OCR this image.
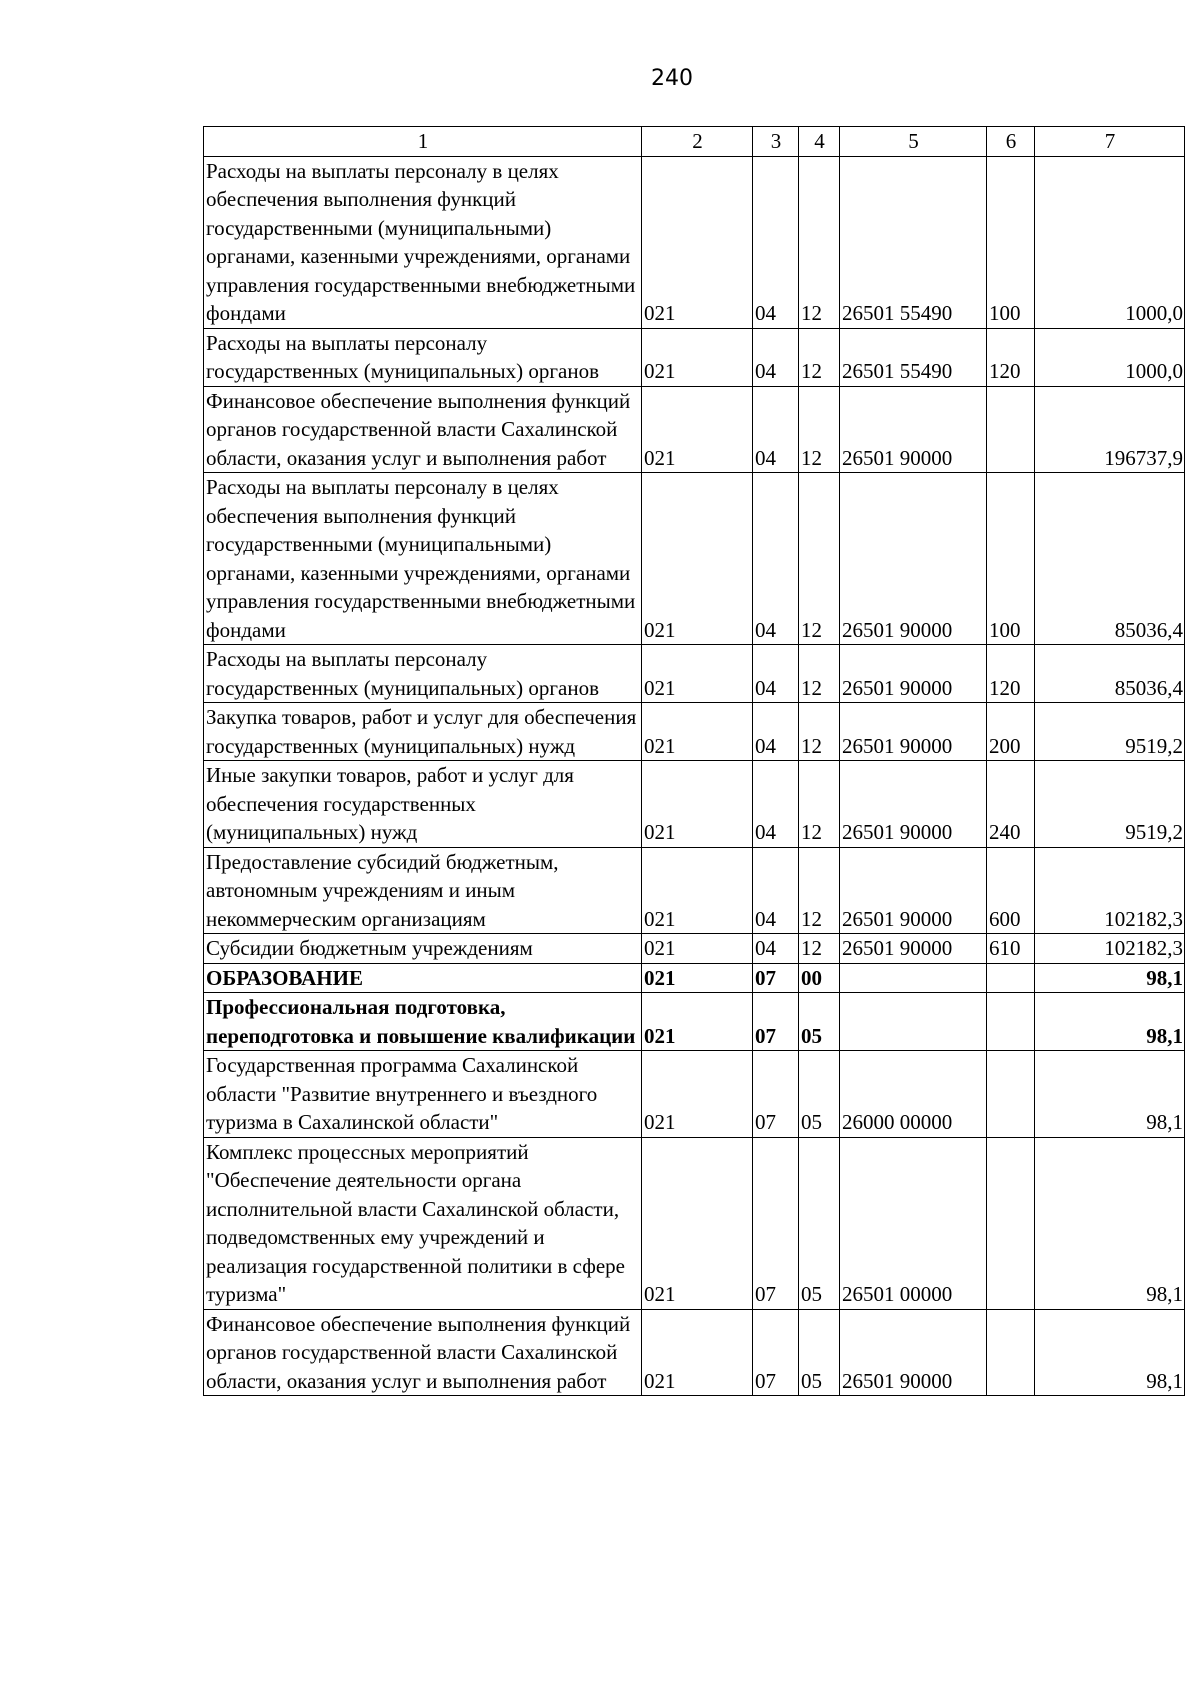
240
1	2	3	4	5	6	7
Расходы на выплаты персоналу в целях обеспечения выполнения функций государственными (муниципальными) органами, казенными учреждениями, органами управления государственными внебюджетными фондами	021	04	12	26501 55490	100	1000,0
Расходы на выплаты персоналу государственных (муниципальных) органов	021	04	12	26501 55490	120	1000,0
Финансовое обеспечение выполнения функций органов государственной власти Сахалинской области, оказания услуг и выполнения работ	021	04	12	26501 90000		196737,9
Расходы на выплаты персоналу в целях обеспечения выполнения функций государственными (муниципальными) органами, казенными учреждениями, органами управления государственными внебюджетными фондами	021	04	12	26501 90000	100	85036,4
Расходы на выплаты персоналу государственных (муниципальных) органов	021	04	12	26501 90000	120	85036,4
Закупка товаров, работ и услуг для обеспечения государственных (муниципальных) нужд	021	04	12	26501 90000	200	9519,2
Иные закупки товаров, работ и услуг для обеспечения государственных (муниципальных) нужд	021	04	12	26501 90000	240	9519,2
Предоставление субсидий бюджетным, автономным учреждениям и иным некоммерческим организациям	021	04	12	26501 90000	600	102182,3
Субсидии бюджетным учреждениям	021	04	12	26501 90000	610	102182,3
ОБРАЗОВАНИЕ	021	07	00			98,1
Профессиональная подготовка, переподготовка и повышение квалификации	021	07	05			98,1
Государственная программа Сахалинской области "Развитие внутреннего и въездного туризма в Сахалинской области"	021	07	05	26000 00000		98,1
Комплекс процессных мероприятий "Обеспечение деятельности органа исполнительной власти Сахалинской области, подведомственных ему учреждений и реализация государственной политики в сфере туризма"	021	07	05	26501 00000		98,1
Финансовое обеспечение выполнения функций органов государственной власти Сахалинской области, оказания услуг и выполнения работ	021	07	05	26501 90000		98,1
